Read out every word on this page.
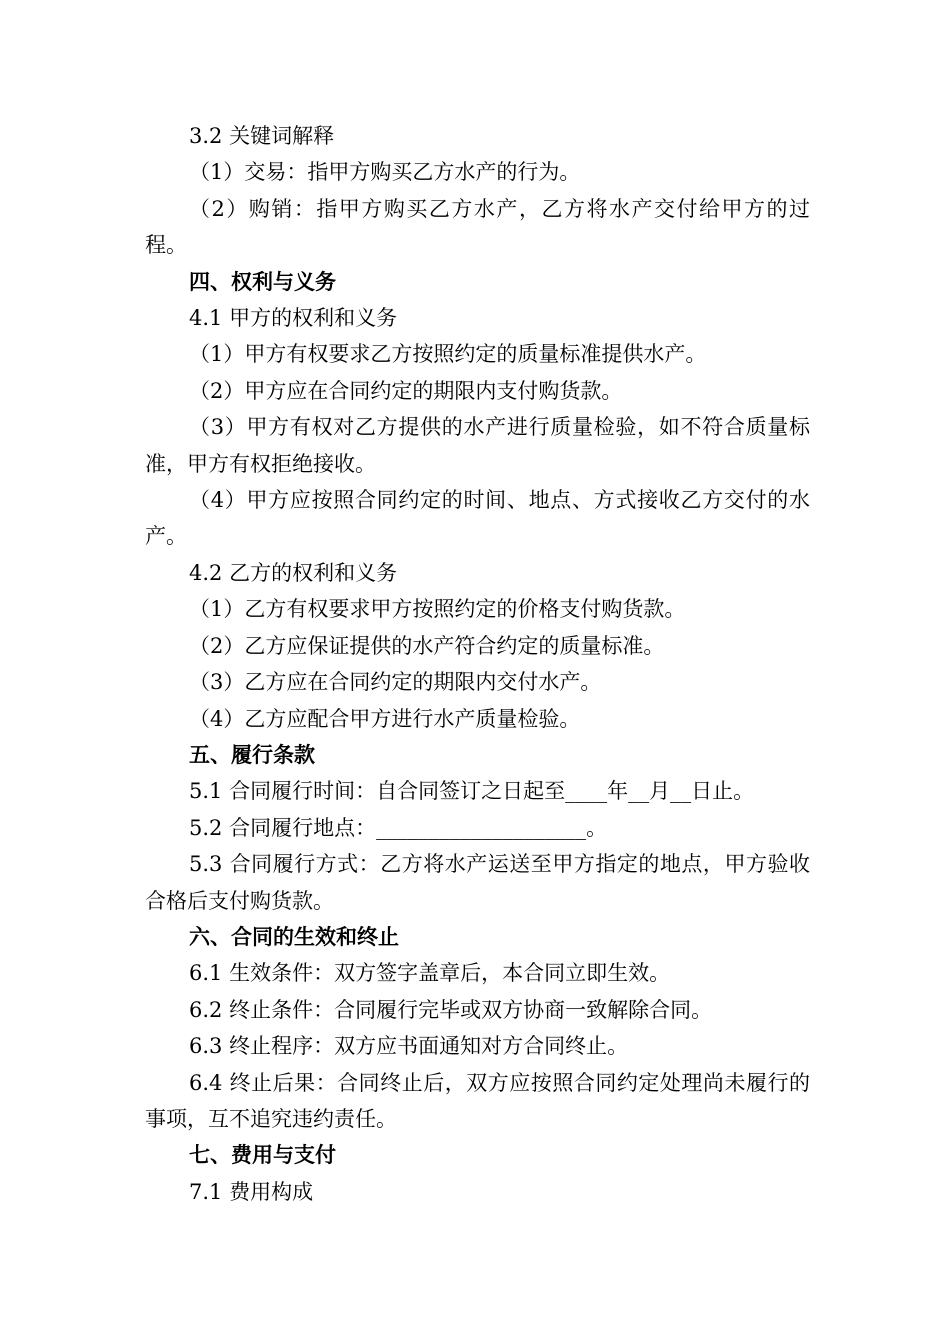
3.2 关键词解释

（1）交易：指甲方购买乙方水产的行为。

（2）购销：指甲方购买乙方水产，乙方将水产交付给甲方的过程。

四、权利与义务

4.1 甲方的权利和义务

（1）甲方有权要求乙方按照约定的质量标准提供水产。

（2）甲方应在合同约定的期限内支付购货款。

（3）甲方有权对乙方提供的水产进行质量检验，如不符合质量标准，甲方有权拒绝接收。

（4）甲方应按照合同约定的时间、地点、方式接收乙方交付的水产。

4.2 乙方的权利和义务

（1）乙方有权要求甲方按照约定的价格支付购货款。

（2）乙方应保证提供的水产符合约定的质量标准。

（3）乙方应在合同约定的期限内交付水产。

（4）乙方应配合甲方进行水产质量检验。

五、履行条款

5.1 合同履行时间：自合同签订之日起至____年__月__日止。

5.2 合同履行地点：____________________。

5.3 合同履行方式：乙方将水产运送至甲方指定的地点，甲方验收合格后支付购货款。

六、合同的生效和终止

6.1 生效条件：双方签字盖章后，本合同立即生效。

6.2 终止条件：合同履行完毕或双方协商一致解除合同。

6.3 终止程序：双方应书面通知对方合同终止。

6.4 终止后果：合同终止后，双方应按照合同约定处理尚未履行的事项，互不追究违约责任。

七、费用与支付

7.1 费用构成
